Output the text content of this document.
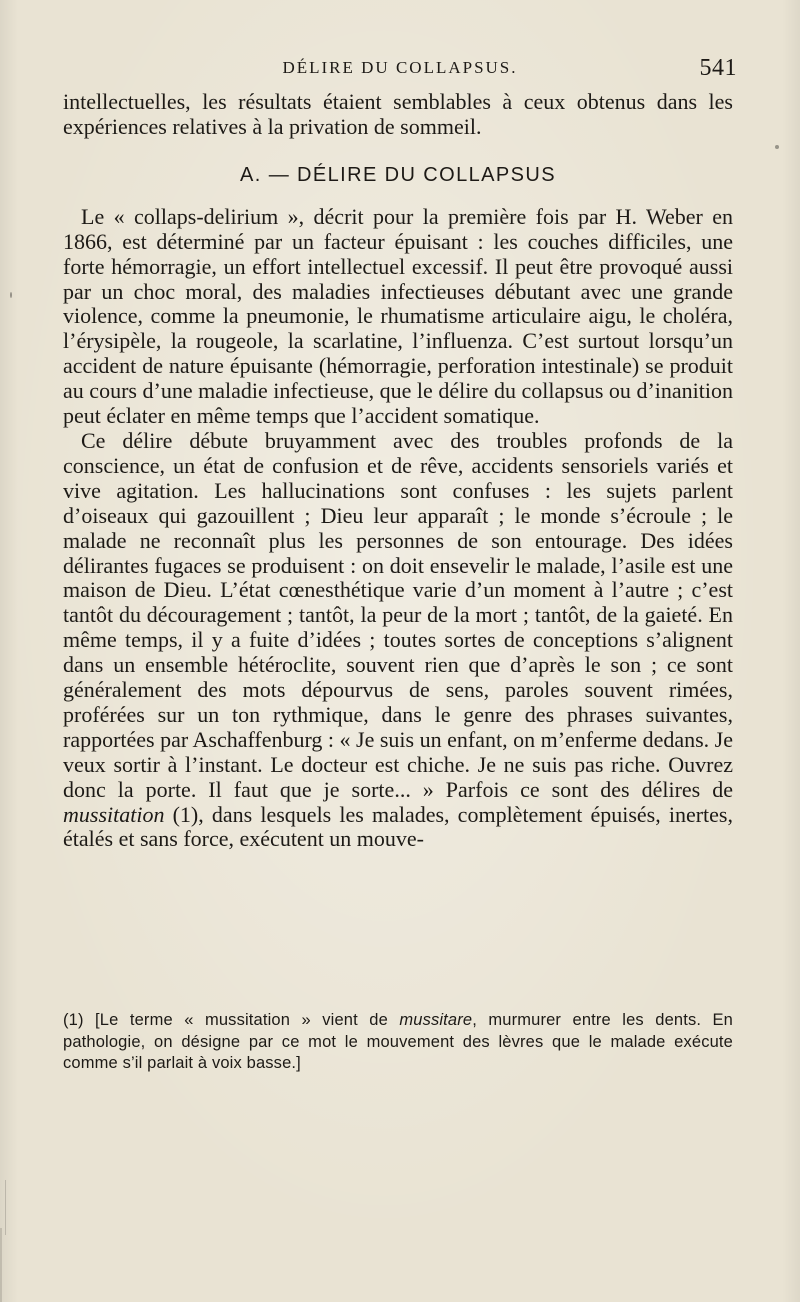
DÉLIRE DU COLLAPSUS.	541

intellectuelles, les résultats étaient semblables à ceux obtenus dans les expériences relatives à la privation de sommeil.

A. — DÉLIRE DU COLLAPSUS

Le « collaps-delirium », décrit pour la première fois par H. Weber en 1866, est déterminé par un facteur épuisant : les couches difficiles, une forte hémorragie, un effort intellectuel excessif. Il peut être provoqué aussi par un choc moral, des maladies infectieuses débutant avec une grande violence, comme la pneumonie, le rhumatisme articulaire aigu, le choléra, l’érysipèle, la rougeole, la scarlatine, l’influenza. C’est surtout lorsqu’un accident de nature épuisante (hémorragie, perforation intestinale) se produit au cours d’une maladie infectieuse, que le délire du collapsus ou d’inanition peut éclater en même temps que l’accident somatique.

Ce délire débute bruyamment avec des troubles profonds de la conscience, un état de confusion et de rêve, accidents sensoriels variés et vive agitation. Les hallucinations sont confuses : les sujets parlent d’oiseaux qui gazouillent ; Dieu leur apparaît ; le monde s’écroule ; le malade ne reconnaît plus les personnes de son entourage. Des idées délirantes fugaces se produisent : on doit ensevelir le malade, l’asile est une maison de Dieu. L’état cœnesthétique varie d’un moment à l’autre ; c’est tantôt du découragement ; tantôt, la peur de la mort ; tantôt, de la gaieté. En même temps, il y a fuite d’idées ; toutes sortes de conceptions s’alignent dans un ensemble hétéroclite, souvent rien que d’après le son ; ce sont généralement des mots dépourvus de sens, paroles souvent rimées, proférées sur un ton rythmique, dans le genre des phrases suivantes, rapportées par Aschaffenburg : « Je suis un enfant, on m’enferme dedans. Je veux sortir à l’instant. Le docteur est chiche. Je ne suis pas riche. Ouvrez donc la porte. Il faut que je sorte... » Parfois ce sont des délires de mussitation (1), dans lesquels les malades, complètement épuisés, inertes, étalés et sans force, exécutent un mouve-

(1) [Le terme « mussitation » vient de mussitare, murmurer entre les dents. En pathologie, on désigne par ce mot le mouvement des lèvres que le malade exécute comme s’il parlait à voix basse.]
